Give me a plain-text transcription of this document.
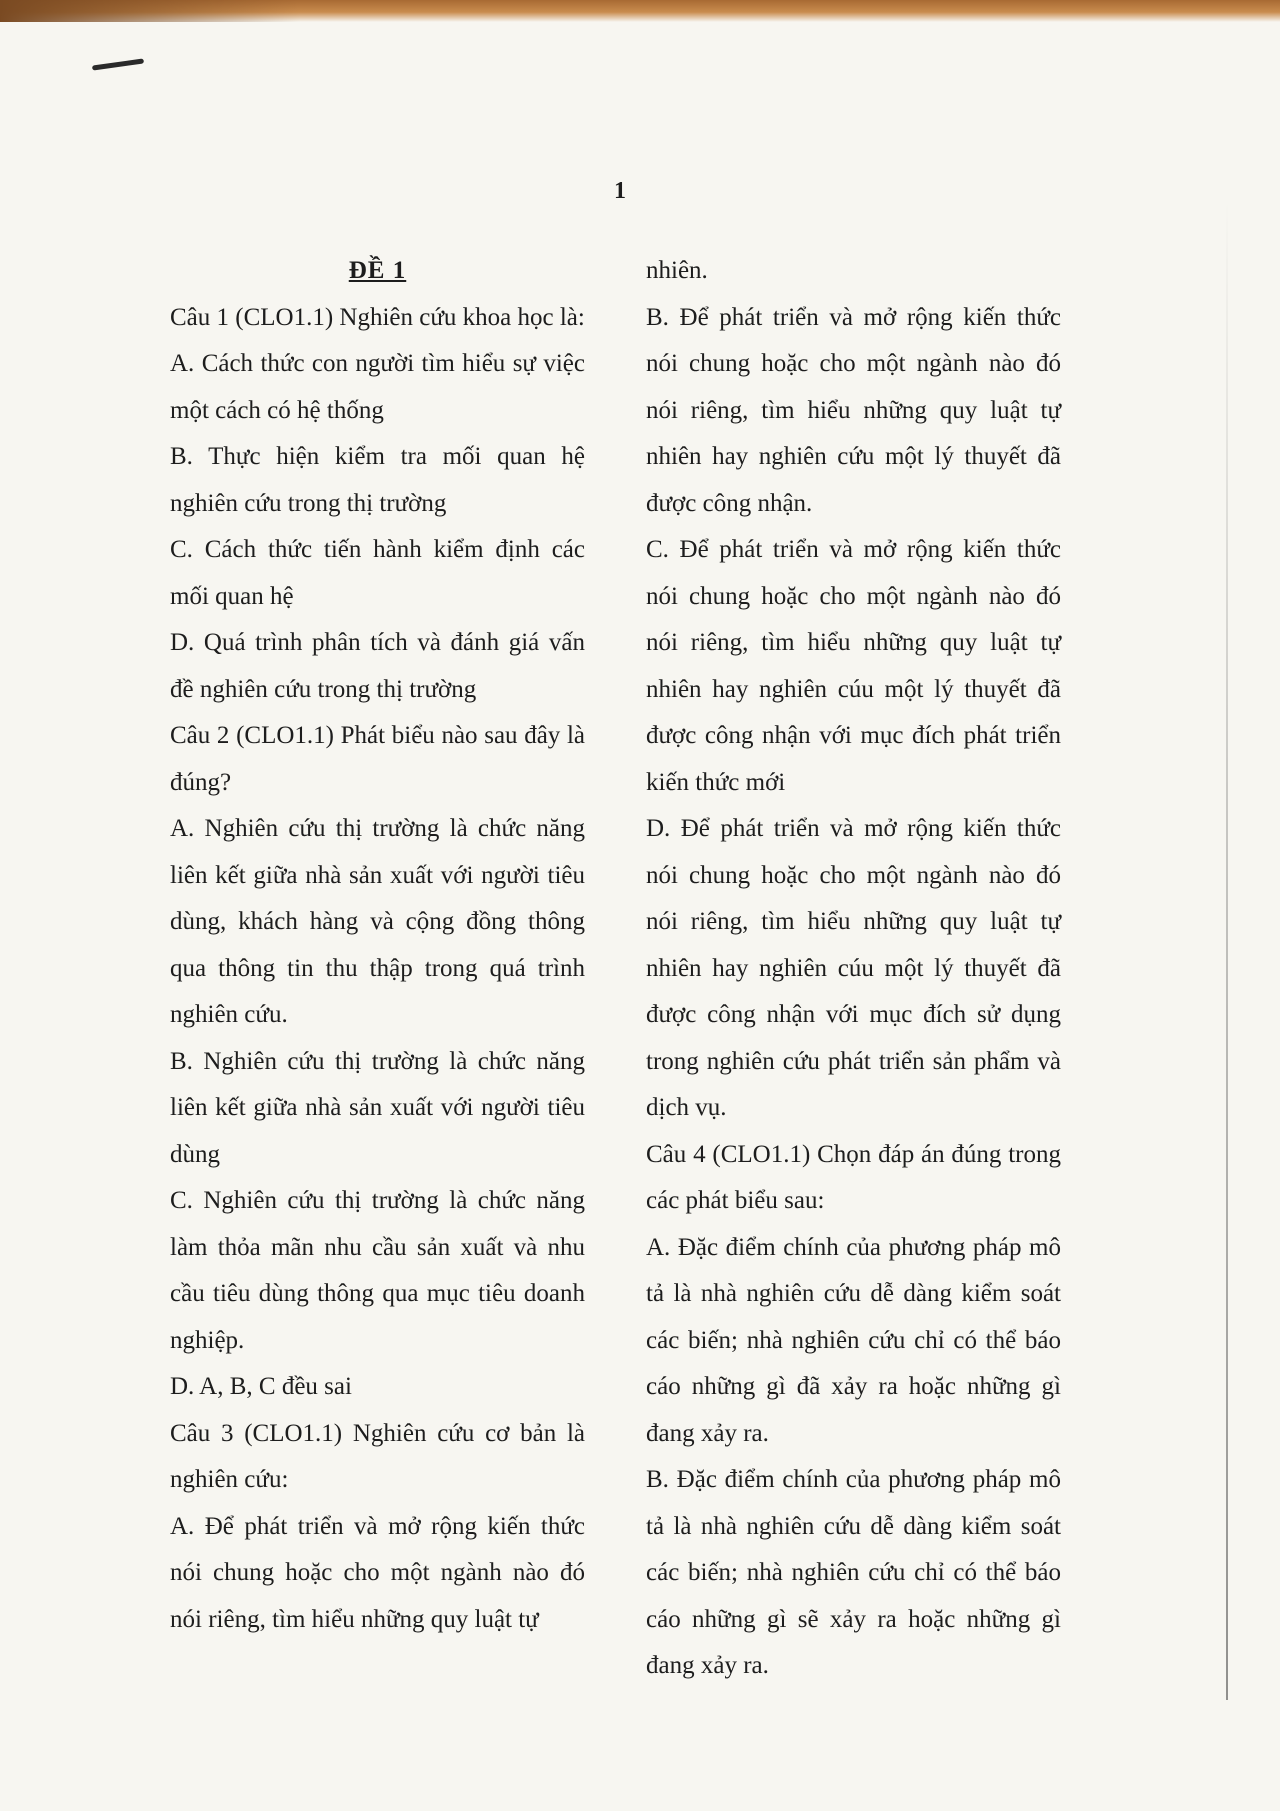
1

ĐỀ 1

Câu 1 (CLO1.1) Nghiên cứu khoa học là:

A. Cách thức con người tìm hiểu sự việc một cách có hệ thống

B. Thực hiện kiểm tra mối quan hệ nghiên cứu trong thị trường

C. Cách thức tiến hành kiểm định các mối quan hệ

D. Quá trình phân tích và đánh giá vấn đề nghiên cứu trong thị trường

Câu 2 (CLO1.1) Phát biểu nào sau đây là đúng?

A. Nghiên cứu thị trường là chức năng liên kết giữa nhà sản xuất với người tiêu dùng, khách hàng và cộng đồng thông qua thông tin thu thập trong quá trình nghiên cứu.

B. Nghiên cứu thị trường là chức năng liên kết giữa nhà sản xuất với người tiêu dùng

C. Nghiên cứu thị trường là chức năng làm thỏa mãn nhu cầu sản xuất và nhu cầu tiêu dùng thông qua mục tiêu doanh nghiệp.

D. A, B, C đều sai

Câu 3 (CLO1.1) Nghiên cứu cơ bản là nghiên cứu:

A. Để phát triển và mở rộng kiến thức nói chung hoặc cho một ngành nào đó nói riêng, tìm hiểu những quy luật tự

nhiên.

B. Để phát triển và mở rộng kiến thức nói chung hoặc cho một ngành nào đó nói riêng, tìm hiểu những quy luật tự nhiên hay nghiên cứu một lý thuyết đã được công nhận.

C. Để phát triển và mở rộng kiến thức nói chung hoặc cho một ngành nào đó nói riêng, tìm hiểu những quy luật tự nhiên hay nghiên cúu một lý thuyết đã được công nhận với mục đích phát triển kiến thức mới

D. Để phát triển và mở rộng kiến thức nói chung hoặc cho một ngành nào đó nói riêng, tìm hiểu những quy luật tự nhiên hay nghiên cúu một lý thuyết đã được công nhận với mục đích sử dụng trong nghiên cứu phát triển sản phẩm và dịch vụ.

Câu 4 (CLO1.1) Chọn đáp án đúng trong các phát biểu sau:

A. Đặc điểm chính của phương pháp mô tả là nhà nghiên cứu dễ dàng kiểm soát các biến; nhà nghiên cứu chỉ có thể báo cáo những gì đã xảy ra hoặc những gì đang xảy ra.

B. Đặc điểm chính của phương pháp mô tả là nhà nghiên cứu dễ dàng kiểm soát các biến; nhà nghiên cứu chỉ có thể báo cáo những gì sẽ xảy ra hoặc những gì đang xảy ra.
